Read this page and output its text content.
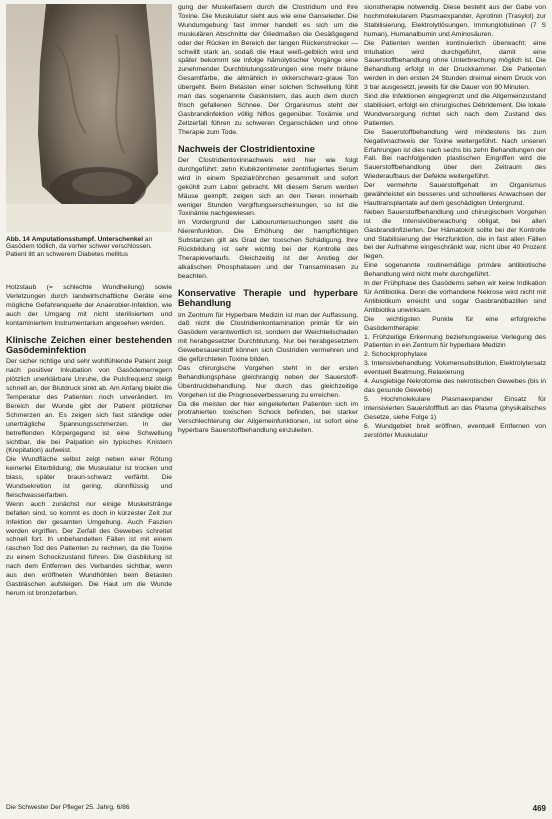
Abb. 14 Amputationsstumpf. Unterschenkel an Gasödem tödlich, da vorher schwer verschlossen. Patient litt an schwerem Diabetes mellitus

Holzstaub (= schlechte Wundheilung) sowie Verletzungen durch landwirtschaftliche Geräte eine mögliche Gefahrenquelle der Anaerobier-Infektion, wie auch der Umgang mit nicht sterilisiertem und kontaminiertem Instrumentarium angesehen werden.

Klinische Zeichen einer bestehenden Gasödeminfektion

Der sicher richtige und sehr wohlfühlende Patient zeigt nach positiver Inkubation von Gasödemerregern plötzlich unerklärbare Unruhe, die Pulsfrequenz steigt schnell an, der Blutdruck sinkt ab. Am Anfang bleibt die Temperatur des Patienten noch unverändert. Im Bereich der Wunde gibt der Patient plötzlicher Schmerzen an. Es zeigen sich fast ständige oder unerträgliche Spannungsschmerzen. In der betreffenden Körpergegend ist eine Schwellung sichtbar, die bei Palpation ein typisches Knistern (Krepitation) aufweist.

Die Wundfläche selbst zeigt neben einer Rötung keinerlei Eiterbildung; die Muskulatur ist trocken und blass, später braun-schwarz verfärbt. Die Wundsekretion ist gering, dünnflüssig und fleischwasserfarben.

Wenn auch zunächst nur einige Muskelstränge befallen sind, so kommt es doch in kürzester Zeit zur Infektion der gesamten Umgebung. Auch Faszien werden ergriffen. Der Zerfall des Gewebes schreitet schnell fort. In unbehandelten Fällen ist mit einem raschen Tod des Patienten zu rechnen, da die Toxine zu einem Schockzustand führen. Die Gasbildung ist nach dem Entfernen des Verbandes sichtbar, wenn aus den eröffneten Wundhöhlen beim Betasten Gasbläschen aufsteigen. Die Haut um die Wunde herum ist bronzefarben.

gung der Muskelfasern durch die Clostridium und ihre Toxine. Die Muskulatur sieht aus wie eine Ganseleder. Die Wundumgebung fast immer handelt es sich um die muskulären Abschnitte der Gliedmaßen die Gesäßgegend oder der Rücken im Bereich der langen Rückenstrecker — schwillt stark an, sodaß die Haut weiß-gelblich wird und später bekommt sie infolge hämolytischer Vorgänge eine zunehmender Durchblutungsstörungen eine mehr bräune Gesamtfarbe, die allmählich in okkerschwarz-graue Ton übergeht. Beim Betasten einer solchen Schwellung fühlt man das sogenannte Gasknistern, das auch dem durch frisch gefallenen Schnee. Der Organismus steht der Gasbrandinfektion völlig hilflos gegenüber. Toxämie und Zellzerfall führen zu schweren Organschäden und ohne Therapie zum Tode.

Nachweis der Clostridientoxine

Der Clostridientoxinnachweis wird hier wie folgt durchgeführt: zehn Kubikzentimeter zentrifugiertes Serum wird in einem Spezialröhrchen gesammelt und sofort gekühlt zum Labor gebracht. Mit diesem Serum werden Mäuse geimpft; zeigen sich an den Tieren innerhalb weniger Stunden Vergiftungserscheinungen, so ist die Toxinämie nachgewiesen.

Im Vordergrund der Labouruntersuchungen steht die Nierenfunktion. Die Erhöhung der harnpflichtigen Substanzen gilt als Grad der toxischen Schädigung. Ihre Rückbildung ist sehr wichtig bei der Kontrolle des Therapieverlaufs. Gleichzeitig ist der Anstieg der alkalischen Phosphatasen und der Transaminasen zu beachten.

Konservative Therapie und hyperbare Behandlung

Im Zentrum für Hyperbare Medizin ist man der Auffassung, daß nicht die Clostridienkontamination primär für ein Gasödem verantwortlich ist, sondern der Weichteilschaden mit herabgesetzter Durchblutung. Nur bei herabgesetztem Gewebesauerstoff können sich Clostridien vermehren und die gefürchteten Toxine bilden.

Das chirurgische Vorgehen steht in der ersten Behandlungsphase gleichrangig neben der Sauerstoff-Überdruckbehandlung. Nur durch das gleichzeitige Vorgehen ist die Prognoseverbesserung zu erreichen.

Da die meisten der hier eingelieferten Patienten sich im protrahierten toxischen Schock befinden, bei starker Verschlechterung der Allgemeinfunktionen, ist sofort eine hyperbare Sauerstoffbehandlung einzuleiten.

sionstherapie notwendig. Diese besteht aus der Gabe von hochmolekularem Plasmaexpander, Aprotinin (Trasylol) zur Stabilisierung, Elektrolytlösungen, Immunglobulinen (7 S human), Humanalbumin und Aminosäuren.

Die Patienten werden kontinuierlich überwacht; eine Intubation wird durchgeführt, damit eine Sauerstoffbehandlung ohne Unterbrechung möglich ist. Die Behandlung erfolgt in der Druckkammer. Die Patienten werden in den ersten 24 Stunden dreimal einem Druck von 3 bar ausgesetzt, jeweils für die Dauer von 90 Minuten.

Sind die Infektionen eingegrenzt und die Allgemeinzustand stabilisiert, erfolgt ein chirurgisches Débridement. Die lokale Wundversorgung richtet sich nach dem Zustand des Patienten.

Die Sauerstoffbehandlung wird mindestens bis zum Negativnachweis der Toxine weitergeführt. Nach unseren Erfahrungen ist dies nach sechs bis zehn Behandlungen der Fall. Bei nachfolgenden plastischen Eingriffen wird die Sauerstoffbehandlung über den Zeitraum des Wiederaufbaus der Defekte weitergeführt.

Der vermehrte Sauerstoffgehalt im Organismus gewährleistet ein besseres und schnelleres Anwachsen der Hauttransplantate auf dem geschädigten Untergrund.

Neben Sauerstoffbehandlung und chirurgischem Vorgehen ist die Intensivüberwachung obligat, bei allen Gasbrandinfizierten. Der Hämatokrit sollte bei der Kontrolle und Stabilisierung der Herzfunktion, die in fast allen Fällen bei der Aufnahme eingeschränkt war, nicht über 40 Prozent liegen.

Eine sogenannte routinemäßige primäre antibiotische Behandlung wird nicht mehr durchgeführt.

In der Frühphase des Gasödems sehen wir keine Indikation für Antibiotika. Denn die vorhandene Nekrose wird nicht mit Antibiotikum erreicht und sogar Gasbrandbazillen sind Antibiotika unwirksam.

Die wichtigsten Punkte für eine erfolgreiche Gasödemtherapie:

1. Frühzeitige Erkennung beziehungsweise Verlegung des Patienten in ein Zentrum für hyperbare Medizin
2. Schockprophylaxe
3. Intensivbehandlung: Volumensubstitution, Elektrolytersatz eventuell Beatmung, Relaxierung
4. Ausgiebige Nekrotomie des nekrotischen Gewebes (bis in das gesunde Gewebe)
5. Hochmolekulare Plasmaexpander Einsatz für intensivierten Sauerstofffluß an das Plasma (physikalisches Gesetze, siehe Folge 1)
6. Wundgebiet breit eröffnen, eventuell Entfernen von zerstörter Muskulatur
Die Schwester Der Pfleger 25. Jahrg. 6/86	469
